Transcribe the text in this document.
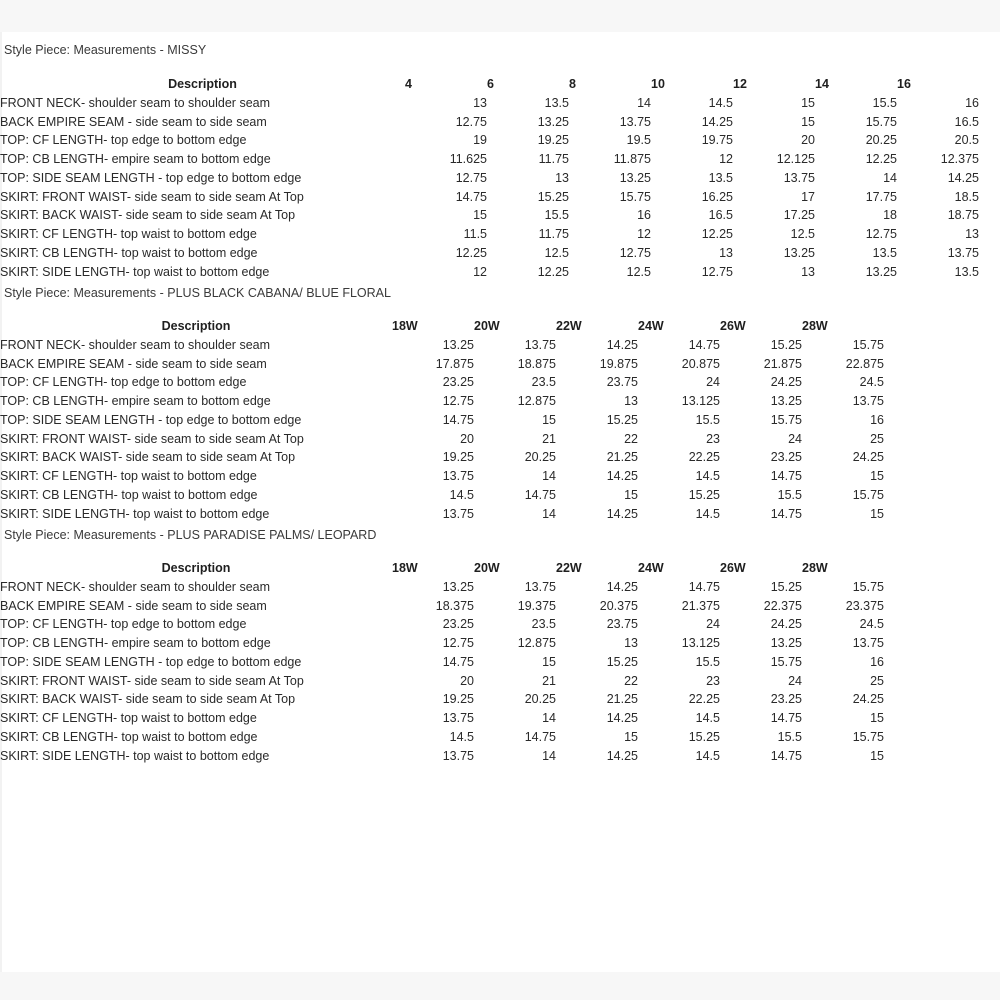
Style Piece: Measurements - MISSY
Description	4	6	8	10	12	14	16
FRONT NECK- shoulder seam to shoulder seam	13	13.5	14	14.5	15	15.5	16
BACK EMPIRE SEAM - side seam to side seam	12.75	13.25	13.75	14.25	15	15.75	16.5
TOP: CF LENGTH- top edge to bottom edge	19	19.25	19.5	19.75	20	20.25	20.5
TOP: CB LENGTH- empire seam to bottom edge	11.625	11.75	11.875	12	12.125	12.25	12.375
TOP: SIDE SEAM LENGTH - top edge to bottom edge	12.75	13	13.25	13.5	13.75	14	14.25
SKIRT: FRONT WAIST- side seam to side seam At Top	14.75	15.25	15.75	16.25	17	17.75	18.5
SKIRT: BACK WAIST- side seam to side seam At Top	15	15.5	16	16.5	17.25	18	18.75
SKIRT: CF LENGTH- top waist to bottom edge	11.5	11.75	12	12.25	12.5	12.75	13
SKIRT: CB LENGTH- top waist to bottom edge	12.25	12.5	12.75	13	13.25	13.5	13.75
SKIRT: SIDE LENGTH- top waist to bottom edge	12	12.25	12.5	12.75	13	13.25	13.5
Style Piece: Measurements - PLUS BLACK CABANA/ BLUE FLORAL
Description	18W	20W	22W	24W	26W	28W
FRONT NECK- shoulder seam to shoulder seam	13.25	13.75	14.25	14.75	15.25	15.75
BACK EMPIRE SEAM - side seam to side seam	17.875	18.875	19.875	20.875	21.875	22.875
TOP: CF LENGTH- top edge to bottom edge	23.25	23.5	23.75	24	24.25	24.5
TOP: CB LENGTH- empire seam to bottom edge	12.75	12.875	13	13.125	13.25	13.75
TOP: SIDE SEAM LENGTH - top edge to bottom edge	14.75	15	15.25	15.5	15.75	16
SKIRT: FRONT WAIST- side seam to side seam At Top	20	21	22	23	24	25
SKIRT: BACK WAIST- side seam to side seam At Top	19.25	20.25	21.25	22.25	23.25	24.25
SKIRT: CF LENGTH- top waist to bottom edge	13.75	14	14.25	14.5	14.75	15
SKIRT: CB LENGTH- top waist to bottom edge	14.5	14.75	15	15.25	15.5	15.75
SKIRT: SIDE LENGTH- top waist to bottom edge	13.75	14	14.25	14.5	14.75	15
Style Piece: Measurements - PLUS PARADISE PALMS/ LEOPARD
Description	18W	20W	22W	24W	26W	28W
FRONT NECK- shoulder seam to shoulder seam	13.25	13.75	14.25	14.75	15.25	15.75
BACK EMPIRE SEAM - side seam to side seam	18.375	19.375	20.375	21.375	22.375	23.375
TOP: CF LENGTH- top edge to bottom edge	23.25	23.5	23.75	24	24.25	24.5
TOP: CB LENGTH- empire seam to bottom edge	12.75	12.875	13	13.125	13.25	13.75
TOP: SIDE SEAM LENGTH - top edge to bottom edge	14.75	15	15.25	15.5	15.75	16
SKIRT: FRONT WAIST- side seam to side seam At Top	20	21	22	23	24	25
SKIRT: BACK WAIST- side seam to side seam At Top	19.25	20.25	21.25	22.25	23.25	24.25
SKIRT: CF LENGTH- top waist to bottom edge	13.75	14	14.25	14.5	14.75	15
SKIRT: CB LENGTH- top waist to bottom edge	14.5	14.75	15	15.25	15.5	15.75
SKIRT: SIDE LENGTH- top waist to bottom edge	13.75	14	14.25	14.5	14.75	15
